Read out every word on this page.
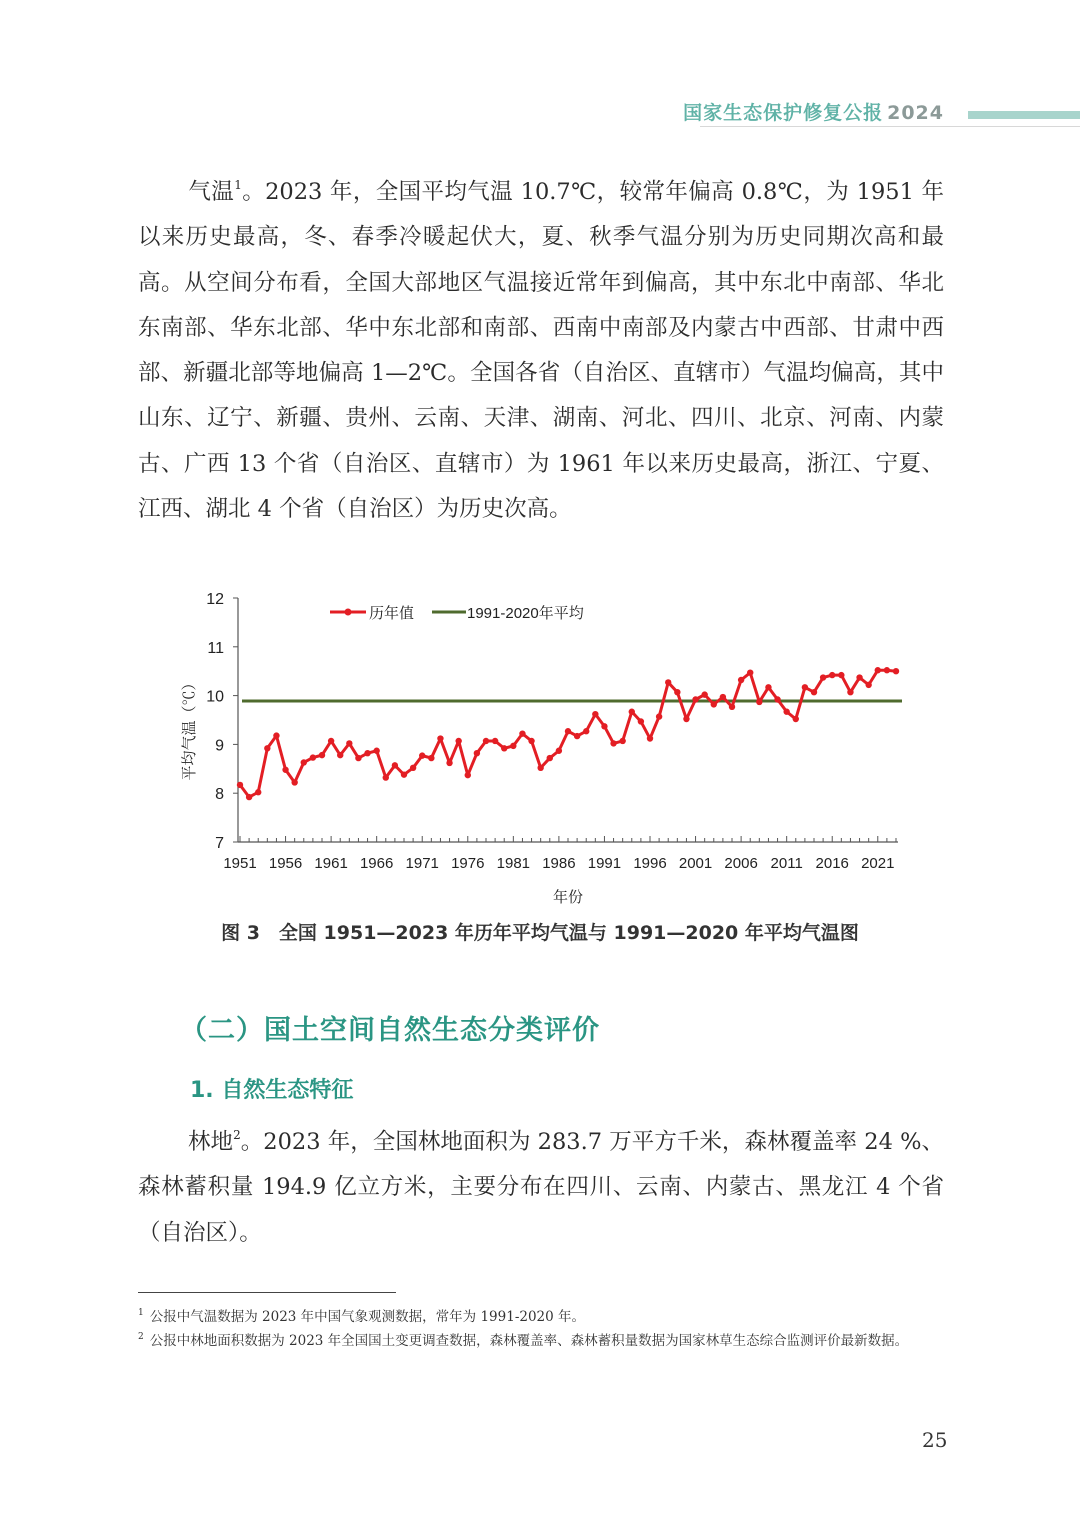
国家生态保护修复公报 2024
气温$^1$。2023 年，全国平均气温 10.7℃，较常年偏高 0.8℃，为 1951 年以来历史最高，冬、春季冷暖起伏大，夏、秋季气温分别为历史同期次高和最高。从空间分布看，全国大部地区气温接近常年到偏高，其中东北中南部、华北东南部、华东北部、华中东北部和南部、西南中南部及内蒙古中西部、甘肃中西部、新疆北部等地偏高 1—2℃。全国各省（自治区、直辖市）气温均偏高，其中山东、辽宁、新疆、贵州、云南、天津、湖南、河北、四川、北京、河南、内蒙古、广西 13 个省（自治区、直辖市）为 1961 年以来历史最高，浙江、宁夏、江西、湖北 4 个省（自治区）为历史次高。
7
8
9
10
11
12
1951 1956 1961 1966 1971 1976 1981 1986 1991 1996 2001 2006 2011 2016 2021
年份
平均气温（℃）
历年值	1991-2020年平均
图 3　全国 1951—2023 年历年平均气温与 1991—2020 年平均气温图
（二）国土空间自然生态分类评价
1. 自然生态特征
林地$^2$。2023 年，全国林地面积为 283.7 万平方千米，森林覆盖率 24 %、森林蓄积量 194.9 亿立方米，主要分布在四川、云南、内蒙古、黑龙江 4 个省（自治区）。
$^1$ 公报中气温数据为 2023 年中国气象观测数据，常年为 1991-2020 年。
$^2$ 公报中林地面积数据为 2023 年全国国土变更调查数据，森林覆盖率、森林蓄积量数据为国家林草生态综合监测评价最新数据。
25
